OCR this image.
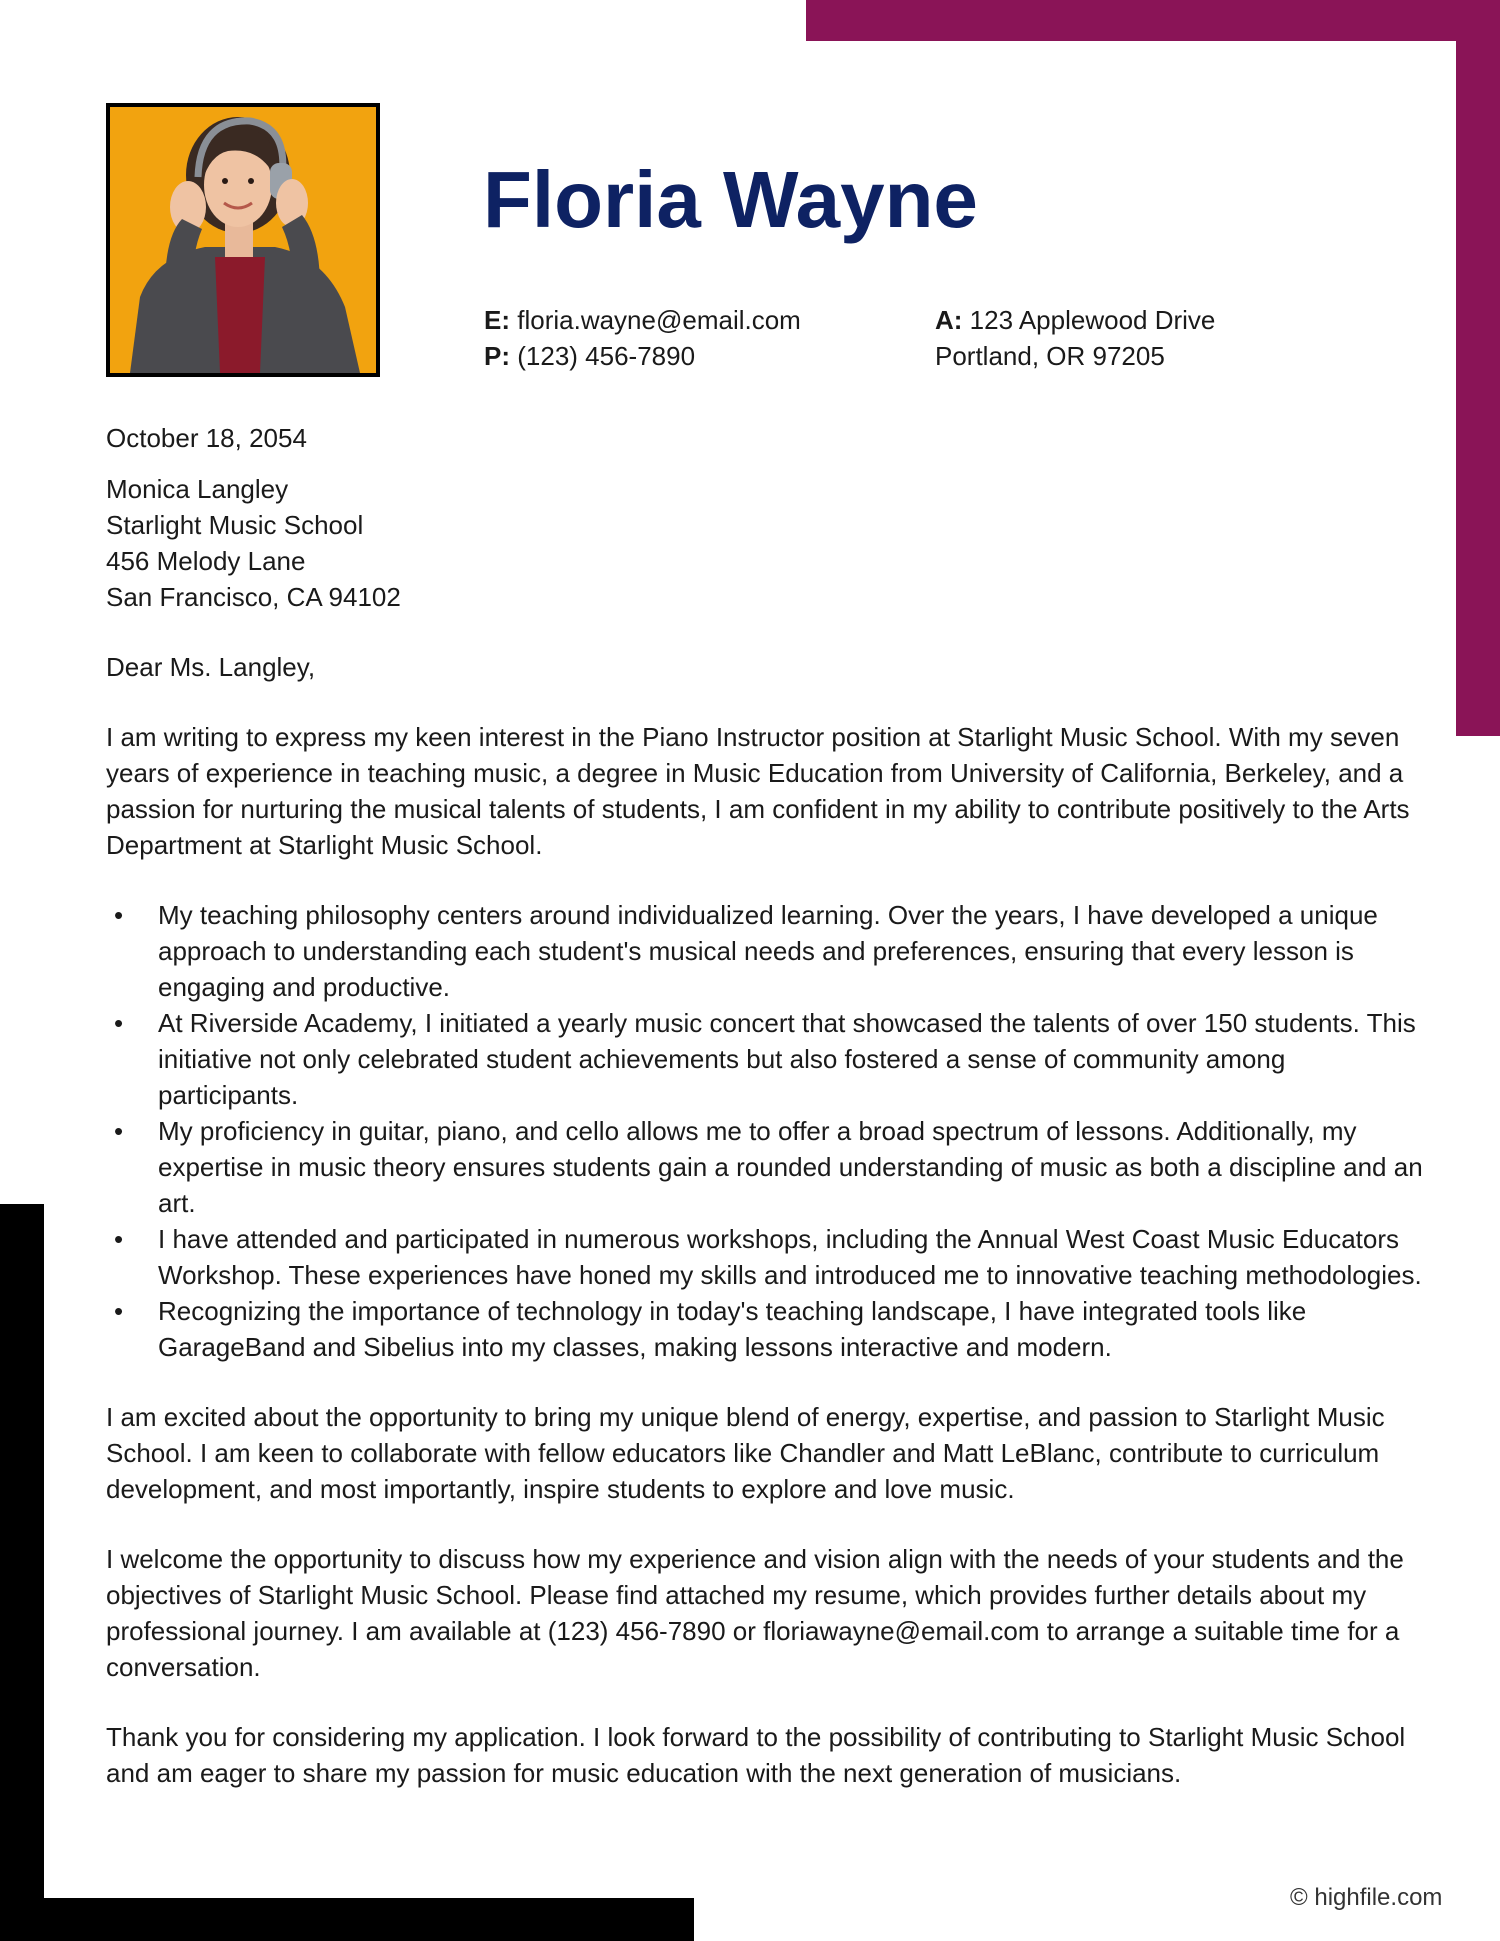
Floria Wayne
E: floria.wayne@email.com
P: (123) 456-7890
A: 123 Applewood Drive
Portland, OR 97205

October 18, 2054

Monica Langley
Starlight Music School
456 Melody Lane
San Francisco, CA 94102

Dear Ms. Langley,

I am writing to express my keen interest in the Piano Instructor position at Starlight Music School. With my seven years of experience in teaching music, a degree in Music Education from University of California, Berkeley, and a passion for nurturing the musical talents of students, I am confident in my ability to contribute positively to the Arts Department at Starlight Music School.

• My teaching philosophy centers around individualized learning. Over the years, I have developed a unique approach to understanding each student's musical needs and preferences, ensuring that every lesson is engaging and productive.
• At Riverside Academy, I initiated a yearly music concert that showcased the talents of over 150 students. This initiative not only celebrated student achievements but also fostered a sense of community among participants.
• My proficiency in guitar, piano, and cello allows me to offer a broad spectrum of lessons. Additionally, my expertise in music theory ensures students gain a rounded understanding of music as both a discipline and an art.
• I have attended and participated in numerous workshops, including the Annual West Coast Music Educators Workshop. These experiences have honed my skills and introduced me to innovative teaching methodologies.
• Recognizing the importance of technology in today's teaching landscape, I have integrated tools like GarageBand and Sibelius into my classes, making lessons interactive and modern.

I am excited about the opportunity to bring my unique blend of energy, expertise, and passion to Starlight Music School. I am keen to collaborate with fellow educators like Chandler and Matt LeBlanc, contribute to curriculum development, and most importantly, inspire students to explore and love music.

I welcome the opportunity to discuss how my experience and vision align with the needs of your students and the objectives of Starlight Music School. Please find attached my resume, which provides further details about my professional journey. I am available at (123) 456-7890 or floriawayne@email.com to arrange a suitable time for a conversation.

Thank you for considering my application. I look forward to the possibility of contributing to Starlight Music School and am eager to share my passion for music education with the next generation of musicians.

© highfile.com
